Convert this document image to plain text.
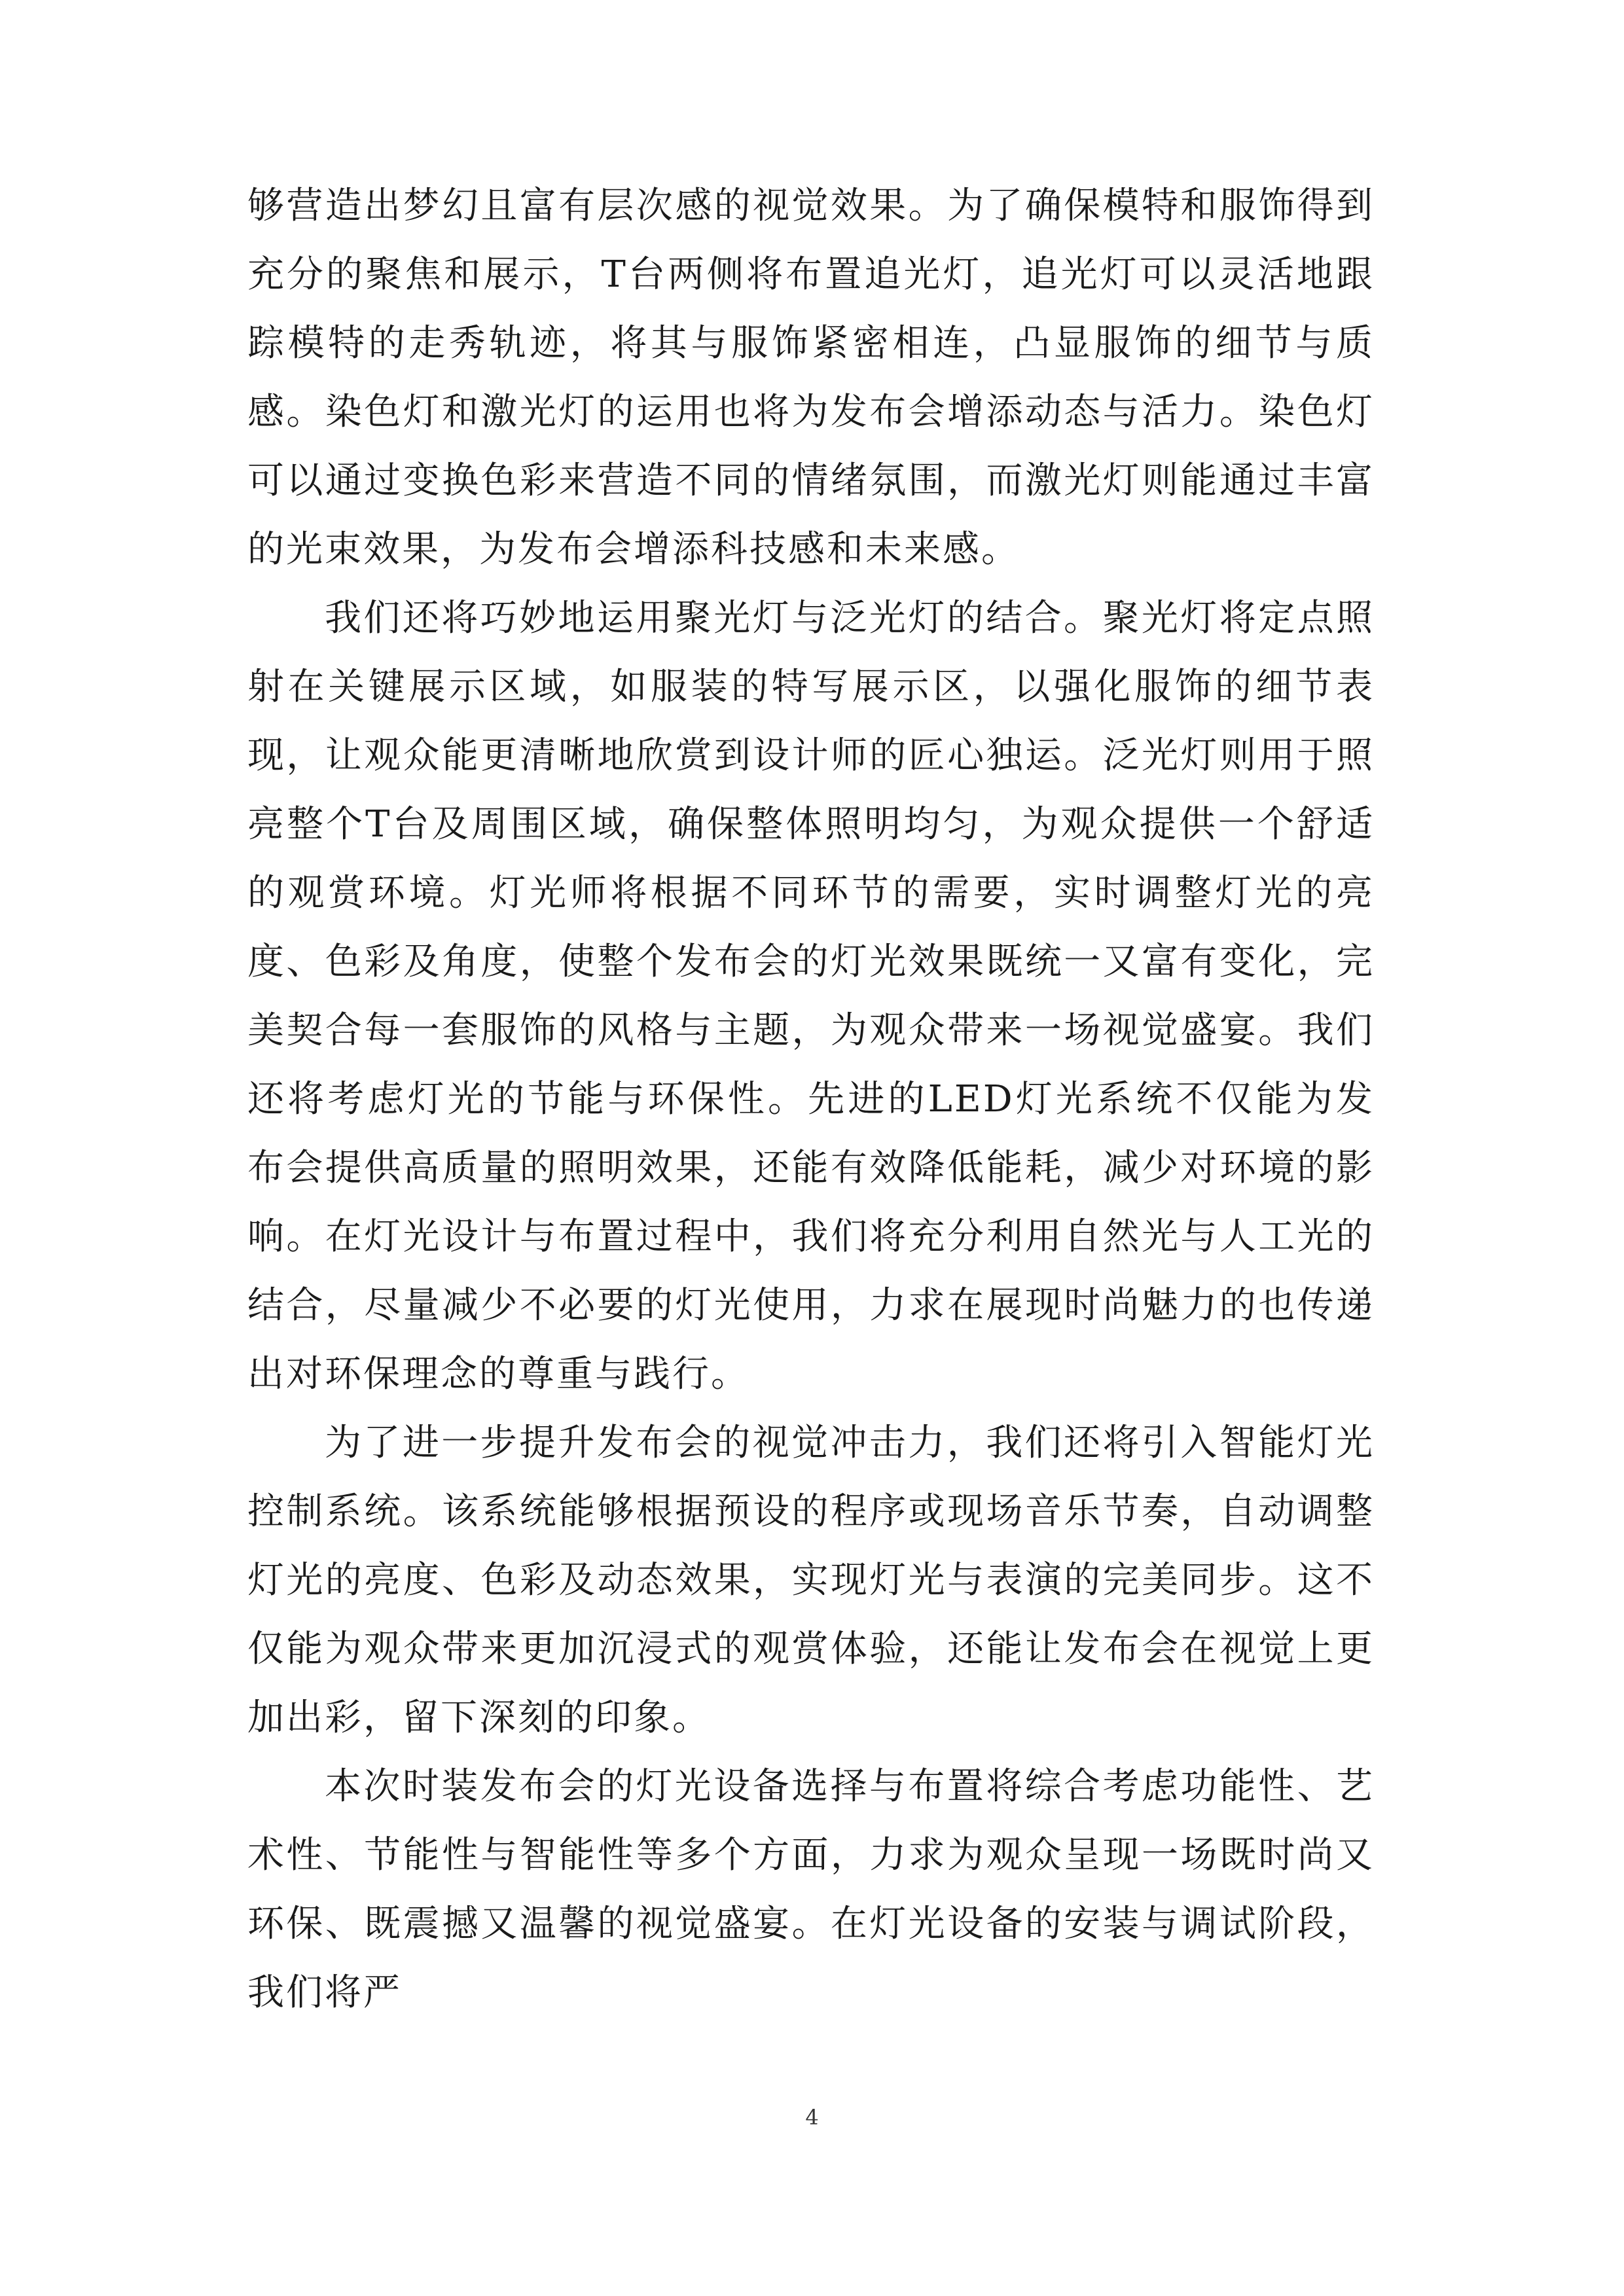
够营造出梦幻且富有层次感的视觉效果。为了确保模特和服饰得到充分的聚焦和展示，T台两侧将布置追光灯，追光灯可以灵活地跟踪模特的走秀轨迹，将其与服饰紧密相连，凸显服饰的细节与质感。染色灯和激光灯的运用也将为发布会增添动态与活力。染色灯可以通过变换色彩来营造不同的情绪氛围，而激光灯则能通过丰富的光束效果，为发布会增添科技感和未来感。

我们还将巧妙地运用聚光灯与泛光灯的结合。聚光灯将定点照射在关键展示区域，如服装的特写展示区，以强化服饰的细节表现，让观众能更清晰地欣赏到设计师的匠心独运。泛光灯则用于照亮整个T台及周围区域，确保整体照明均匀，为观众提供一个舒适的观赏环境。灯光师将根据不同环节的需要，实时调整灯光的亮度、色彩及角度，使整个发布会的灯光效果既统一又富有变化，完美契合每一套服饰的风格与主题，为观众带来一场视觉盛宴。我们还将考虑灯光的节能与环保性。先进的LED灯光系统不仅能为发布会提供高质量的照明效果，还能有效降低能耗，减少对环境的影响。在灯光设计与布置过程中，我们将充分利用自然光与人工光的结合，尽量减少不必要的灯光使用，力求在展现时尚魅力的也传递出对环保理念的尊重与践行。

为了进一步提升发布会的视觉冲击力，我们还将引入智能灯光控制系统。该系统能够根据预设的程序或现场音乐节奏，自动调整灯光的亮度、色彩及动态效果，实现灯光与表演的完美同步。这不仅能为观众带来更加沉浸式的观赏体验，还能让发布会在视觉上更加出彩，留下深刻的印象。

本次时装发布会的灯光设备选择与布置将综合考虑功能性、艺术性、节能性与智能性等多个方面，力求为观众呈现一场既时尚又环保、既震撼又温馨的视觉盛宴。在灯光设备的安装与调试阶段，我们将严

4
